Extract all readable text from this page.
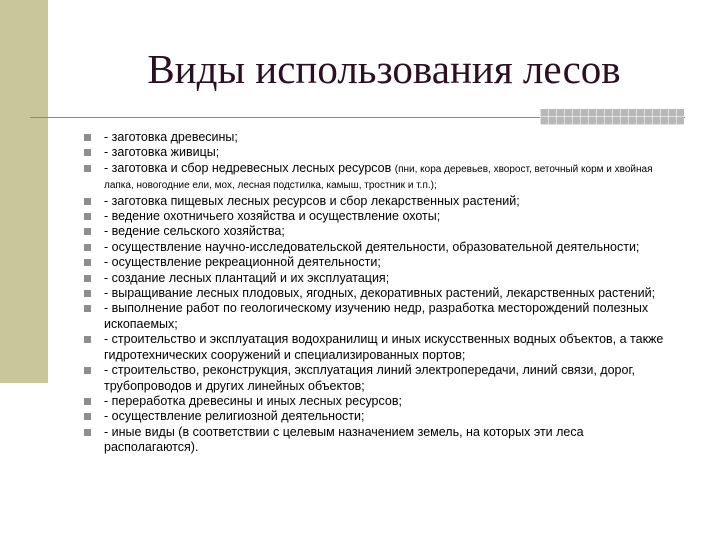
Виды использования лесов
- заготовка древесины;
- заготовка живицы;
- заготовка и сбор недревесных лесных ресурсов (пни, кора деревьев, хворост, веточный корм и хвойная лапка, новогодние ели, мох, лесная подстилка, камыш, тростник и т.п.);
- заготовка пищевых лесных ресурсов и сбор лекарственных растений;
- ведение охотничьего хозяйства и осуществление охоты;
- ведение сельского хозяйства;
- осуществление научно-исследовательской деятельности, образовательной деятельности;
- осуществление рекреационной деятельности;
- создание лесных плантаций и их эксплуатация;
- выращивание лесных плодовых, ягодных, декоративных растений, лекарственных растений;
- выполнение работ по геологическому изучению недр, разработка месторождений полезных ископаемых;
- строительство и эксплуатация водохранилищ и иных искусственных водных объектов, а также гидротехнических сооружений и специализированных портов;
- строительство, реконструкция, эксплуатация линий электропередачи, линий связи, дорог, трубопроводов и других линейных объектов;
- переработка древесины и иных лесных ресурсов;
- осуществление религиозной деятельности;
- иные виды (в соответствии с целевым назначением земель, на которых эти леса располагаются).
